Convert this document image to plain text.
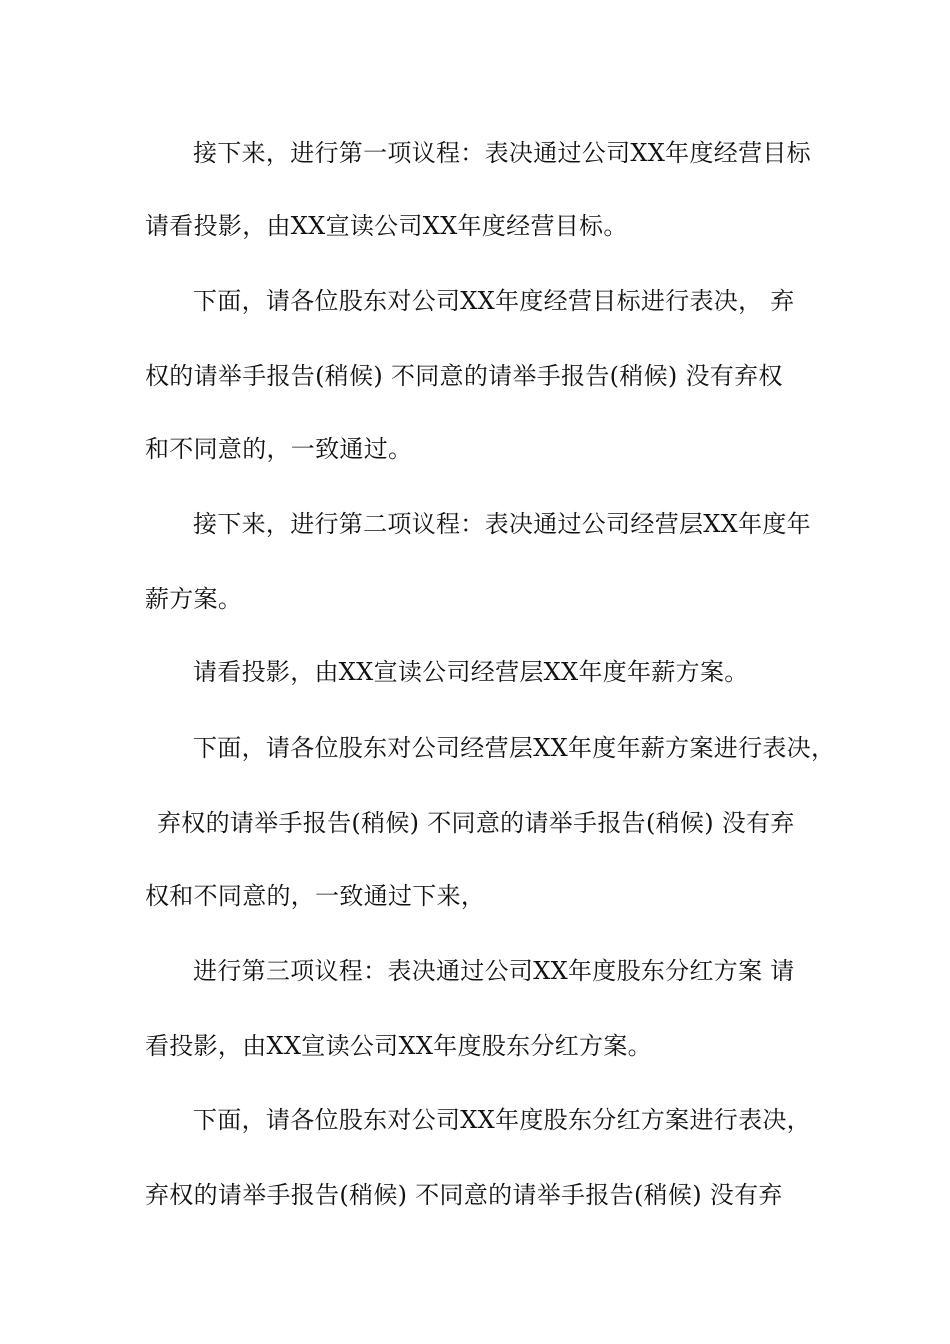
接下来，进行第一项议程：表决通过公司XX年度经营目标
请看投影，由XX宣读公司XX年度经营目标。
下面，请各位股东对公司XX年度经营目标进行表决， 弃
权的请举手报告(稍候) 不同意的请举手报告(稍候) 没有弃权
和不同意的，一致通过。
接下来，进行第二项议程：表决通过公司经营层XX年度年
薪方案。
请看投影，由XX宣读公司经营层XX年度年薪方案。
下面，请各位股东对公司经营层XX年度年薪方案进行表决，
弃权的请举手报告(稍候) 不同意的请举手报告(稍候) 没有弃
权和不同意的，一致通过下来，
进行第三项议程：表决通过公司XX年度股东分红方案 请
看投影，由XX宣读公司XX年度股东分红方案。
下面，请各位股东对公司XX年度股东分红方案进行表决，
弃权的请举手报告(稍候) 不同意的请举手报告(稍候) 没有弃
